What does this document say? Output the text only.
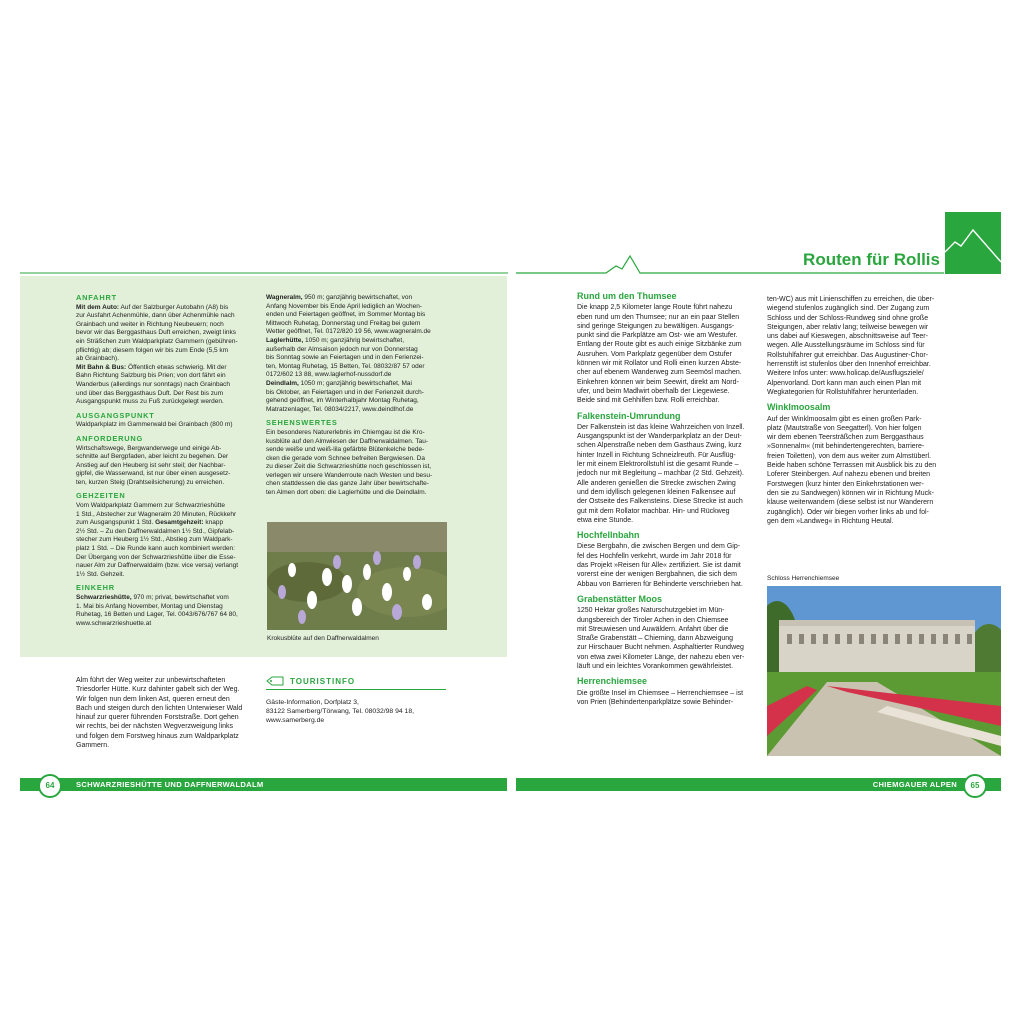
ANFAHRT

Mit dem Auto: Auf der Salzburger Autobahn (A8) bis
zur Ausfahrt Achenmühle, dann über Achenmühle nach
Grainbach und weiter in Richtung Neubeuern; noch
bevor wir das Berggasthaus Duft erreichen, zweigt links
ein Sträßchen zum Waldparkplatz Gammern (gebühren-
pflichtig) ab; diesem folgen wir bis zum Ende (5,5 km
ab Grainbach).

Mit Bahn & Bus: Öffentlich etwas schwierig. Mit der
Bahn Richtung Salzburg bis Prien; von dort fährt ein
Wanderbus (allerdings nur sonntags) nach Grainbach
und über das Berggasthaus Duft. Der Rest bis zum
Ausgangspunkt muss zu Fuß zurückgelegt werden.

AUSGANGSPUNKT

Waldparkplatz im Gammerwald bei Grainbach (800 m)

ANFORDERUNG

Wirtschaftswege, Bergwanderwege und einige Ab-
schnitte auf Bergpfaden, aber leicht zu begehen. Der
Anstieg auf den Heuberg ist sehr steil; der Nachbar-
gipfel, die Wasserwand, ist nur über einen ausgesetz-
ten, kurzen Steig (Drahtseilsicherung) zu erreichen.

GEHZEITEN

Vom Waldparkplatz Gammern zur Schwarzrieshütte
1 Std., Abstecher zur Wagneralm 20 Minuten, Rückkehr
zum Ausgangspunkt 1 Std. Gesamtgehzeit: knapp
2½ Std. – Zu den Daffnerwaldalmen 1½ Std., Gipfelab-
stecher zum Heuberg 1½ Std., Abstieg zum Waldpark-
platz 1 Std. – Die Runde kann auch kombiniert werden:
Der Übergang von der Schwarzrieshütte über die Esse-
nauer Alm zur Daffnerwaldalm (bzw. vice versa) verlangt
1½ Std. Gehzeit.

EINKEHR

Schwarzrieshütte, 970 m; privat, bewirtschaftet vom
1. Mai bis Anfang November, Montag und Dienstag
Ruhetag, 16 Betten und Lager, Tel. 0043/676/767 64 80,
www.schwarzrieshuette.at

Wagneralm, 950 m; ganzjährig bewirtschaftet, von
Anfang November bis Ende April lediglich an Wochen-
enden und Feiertagen geöffnet, im Sommer Montag bis
Mittwoch Ruhetag, Donnerstag und Freitag bei gutem
Wetter geöffnet, Tel. 0172/820 19 56, www.wagneralm.de

Laglerhütte, 1050 m; ganzjährig bewirtschaftet,
außerhalb der Almsaison jedoch nur von Donnerstag
bis Sonntag sowie an Feiertagen und in den Ferienzei-
ten, Montag Ruhetag, 15 Betten, Tel. 08032/87 57 oder
0172/602 13 88, www.laglerhof-nussdorf.de

Deindlalm, 1050 m; ganzjährig bewirtschaftet, Mai
bis Oktober, an Feiertagen und in der Ferienzeit durch-
gehend geöffnet, im Winterhalbjahr Montag Ruhetag,
Matratzenlager, Tel. 08034/2217, www.deindlhof.de

SEHENSWERTES

Ein besonderes Naturerlebnis im Chiemgau ist die Kro-
kusblüte auf den Almwiesen der Daffnerwaldalmen. Tau-
sende weiße und weiß-lila gefärbte Blütenkelche bede-
cken die gerade vom Schnee befreiten Bergwiesen. Da
zu dieser Zeit die Schwarzrieshütte noch geschlossen ist,
verlegen wir unsere Wanderroute nach Westen und besu-
chen stattdessen die das ganze Jahr über bewirtschafte-
ten Almen dort oben: die Laglerhütte und die Deindlalm.

Krokusblüte auf den Daffnerwaldalmen

Alm führt der Weg weiter zur unbewirtschafteten
Triesdorfer Hütte. Kurz dahinter gabelt sich der Weg.
Wir folgen nun dem linken Ast, queren erneut den
Bach und steigen durch den lichten Unterwieser Wald
hinauf zur querer führenden Forststraße. Dort gehen
wir rechts, bei der nächsten Wegverzweigung links
und folgen dem Forstweg hinaus zum Waldparkplatz
Gammern.

TOURISTINFO

Gäste-Information, Dorfplatz 3,
83122 Samerberg/Törwang, Tel. 08032/98 94 18,
www.samerberg.de

Routen für Rollis
Rund um den Thumsee

Die knapp 2,5 Kilometer lange Route führt nahezu
eben rund um den Thumsee; nur an ein paar Stellen
sind geringe Steigungen zu bewältigen. Ausgangs-
punkt sind die Parkplätze am Ost- wie am Westufer.
Entlang der Route gibt es auch einige Sitzbänke zum
Ausruhen. Vom Parkplatz gegenüber dem Ostufer
können wir mit Rollator und Rolli einen kurzen Abste-
cher auf ebenem Wanderweg zum Seemösl machen.
Einkehren können wir beim Seewirt, direkt am Nord-
ufer, und beim Madlwirt oberhalb der Liegewiese.
Beide sind mit Gehhilfen bzw. Rolli erreichbar.

Falkenstein-Umrundung

Der Falkenstein ist das kleine Wahrzeichen von Inzell.
Ausgangspunkt ist der Wanderparkplatz an der Deut-
schen Alpenstraße neben dem Gasthaus Zwing, kurz
hinter Inzell in Richtung Schneizlreuth. Für Ausflüg-
ler mit einem Elektrorollstuhl ist die gesamt Runde –
jedoch nur mit Begleitung – machbar (2 Std. Gehzeit).
Alle anderen genießen die Strecke zwischen Zwing
und dem idyllisch gelegenen kleinen Falkensee auf
der Ostseite des Falkensteins. Diese Strecke ist auch
gut mit dem Rollator machbar. Hin- und Rückweg
etwa eine Stunde.

Hochfellnbahn

Diese Bergbahn, die zwischen Bergen und dem Gip-
fel des Hochfelln verkehrt, wurde im Jahr 2018 für
das Projekt »Reisen für Alle« zertifiziert. Sie ist damit
vorerst eine der wenigen Bergbahnen, die sich dem
Abbau von Barrieren für Behinderte verschrieben hat.

Grabenstätter Moos

1250 Hektar großes Naturschutzgebiet im Mün-
dungsbereich der Tiroler Achen in den Chiemsee
mit Streuwiesen und Auwäldern. Anfahrt über die
Straße Grabenstätt – Chieming, dann Abzweigung
zur Hirschauer Bucht nehmen. Asphaltierter Rundweg
von etwa zwei Kilometer Länge, der nahezu eben ver-
läuft und ein leichtes Vorankommen gewährleistet.

Herrenchiemsee

Die größte Insel im Chiemsee – Herrenchiemsee – ist
von Prien (Behindertenparkplätze sowie Behinder-

ten-WC) aus mit Linienschiffen zu erreichen, die über-
wiegend stufenlos zugänglich sind. Der Zugang zum
Schloss und der Schloss-Rundweg sind ohne große
Steigungen, aber relativ lang; teilweise bewegen wir
uns dabei auf Kieswegen, abschnittsweise auf Teer-
wegen. Alle Ausstellungsräume im Schloss sind für
Rollstuhlfahrer gut erreichbar. Das Augustiner-Chor-
herrenstift ist stufenlos über den Innenhof erreichbar.
Weitere Infos unter: www.holicap.de/Ausflugsziele/
Alpenvorland. Dort kann man auch einen Plan mit
Wegkategorien für Rollstuhlfahrer herunterladen.

Winklmoosalm

Auf der Winklmoosalm gibt es einen großen Park-
platz (Mautstraße von Seegatterl). Von hier folgen
wir dem ebenen Teersträßchen zum Berggasthaus
»Sonnenalm« (mit behindertengerechten, barriere-
freien Toiletten), von dem aus weiter zum Almstüberl.
Beide haben schöne Terrassen mit Ausblick bis zu den
Loferer Steinbergen. Auf nahezu ebenen und breiten
Forstwegen (kurz hinter den Einkehrstationen wer-
den sie zu Sandwegen) können wir in Richtung Muck-
klause weiterwandern (diese selbst ist nur Wanderern
zugänglich). Oder wir biegen vorher links ab und fol-
gen dem »Landweg« in Richtung Heutal.

Schloss Herrenchiemsee
SCHWARZRIESHÜTTE UND DAFFNERWALDALM
64	CHIEMGAUER ALPEN	65
